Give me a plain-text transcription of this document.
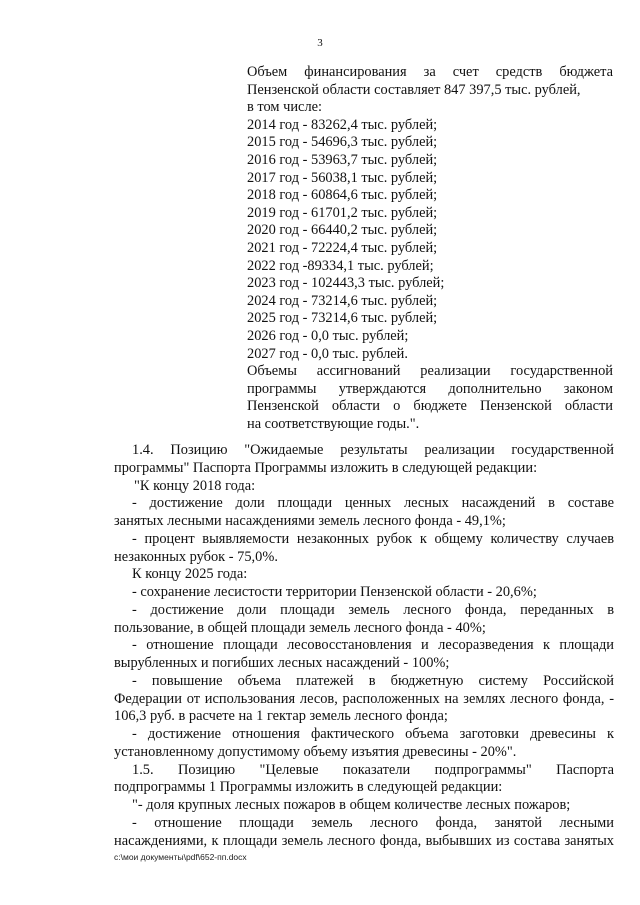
3
Объем финансирования за счет средств бюджета
Пензенской области составляет 847 397,5 тыс. рублей,
в том числе:
2014 год - 83262,4 тыс. рублей;
2015 год - 54696,3 тыс. рублей;
2016 год - 53963,7 тыс. рублей;
2017 год - 56038,1 тыс. рублей;
2018 год - 60864,6 тыс. рублей;
2019 год - 61701,2 тыс. рублей;
2020 год - 66440,2 тыс. рублей;
2021 год - 72224,4 тыс. рублей;
2022 год -89334,1 тыс. рублей;
2023 год - 102443,3 тыс. рублей;
2024 год - 73214,6 тыс. рублей;
2025 год - 73214,6 тыс. рублей;
2026 год - 0,0 тыс. рублей;
2027 год - 0,0 тыс. рублей.
Объемы ассигнований реализации государственной
программы утверждаются дополнительно законом
Пензенской области о бюджете Пензенской области
на соответствующие годы.".
1.4. Позицию "Ожидаемые результаты реализации государственной
программы" Паспорта Программы изложить в следующей редакции:
"К концу 2018 года:
- достижение доли площади ценных лесных насаждений в составе
занятых лесными насаждениями земель лесного фонда - 49,1%;
- процент выявляемости незаконных рубок к общему количеству случаев
незаконных рубок - 75,0%.
К концу 2025 года:
- сохранение лесистости территории Пензенской области - 20,6%;
- достижение доли площади земель лесного фонда, переданных в
пользование, в общей площади земель лесного фонда - 40%;
- отношение площади лесовосстановления и лесоразведения к площади
вырубленных и погибших лесных насаждений - 100%;
- повышение объема платежей в бюджетную систему Российской
Федерации от использования лесов, расположенных на землях лесного фонда, -
106,3 руб. в расчете на 1 гектар земель лесного фонда;
- достижение отношения фактического объема заготовки древесины к
установленному допустимому объему изъятия древесины - 20%".
1.5. Позицию "Целевые показатели подпрограммы" Паспорта
подпрограммы 1 Программы изложить в следующей редакции:
"- доля крупных лесных пожаров в общем количестве лесных пожаров;
- отношение площади земель лесного фонда, занятой лесными
насаждениями, к площади земель лесного фонда, выбывших из состава занятых
c:\мои документы\pdf\652-пп.docx
